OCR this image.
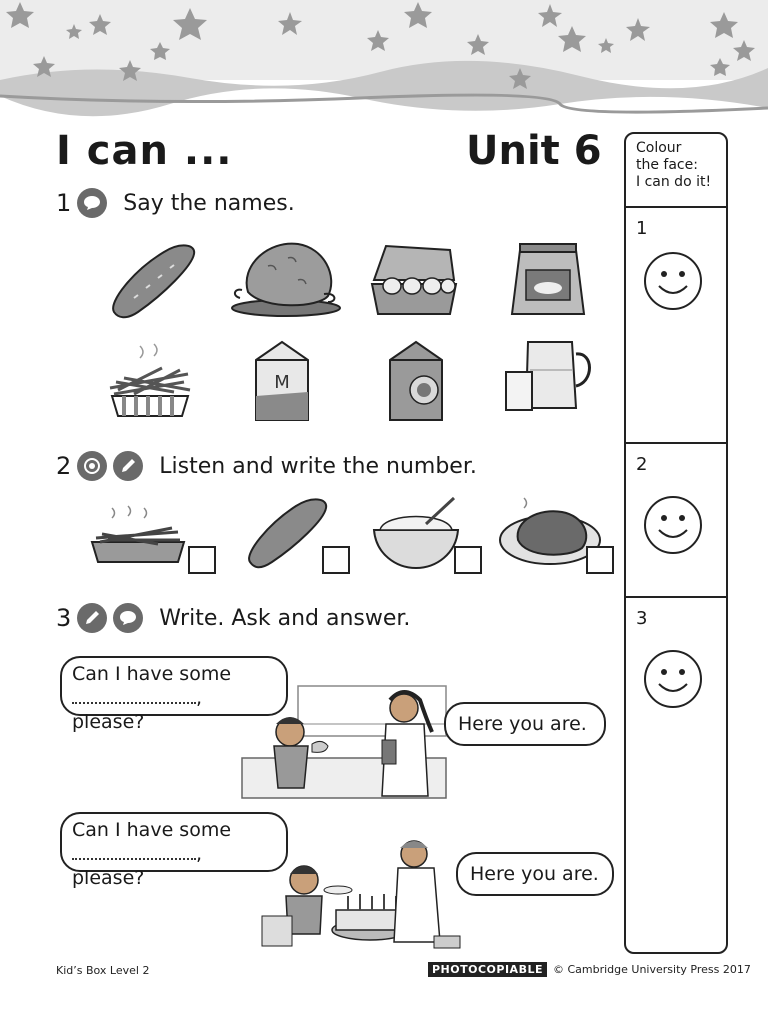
I can ...	Unit 6
1 Say the names.
M
2	Listen and write the number.
3	Write. Ask and answer.
Can I have some
, please?	Here you are.
Can I have some
, please?	Here you are.
Colour
the face:
I can do it!
1
2
3
Kid’s Box Level 2	PHOTOCOPIABLE © Cambridge University Press 2017
